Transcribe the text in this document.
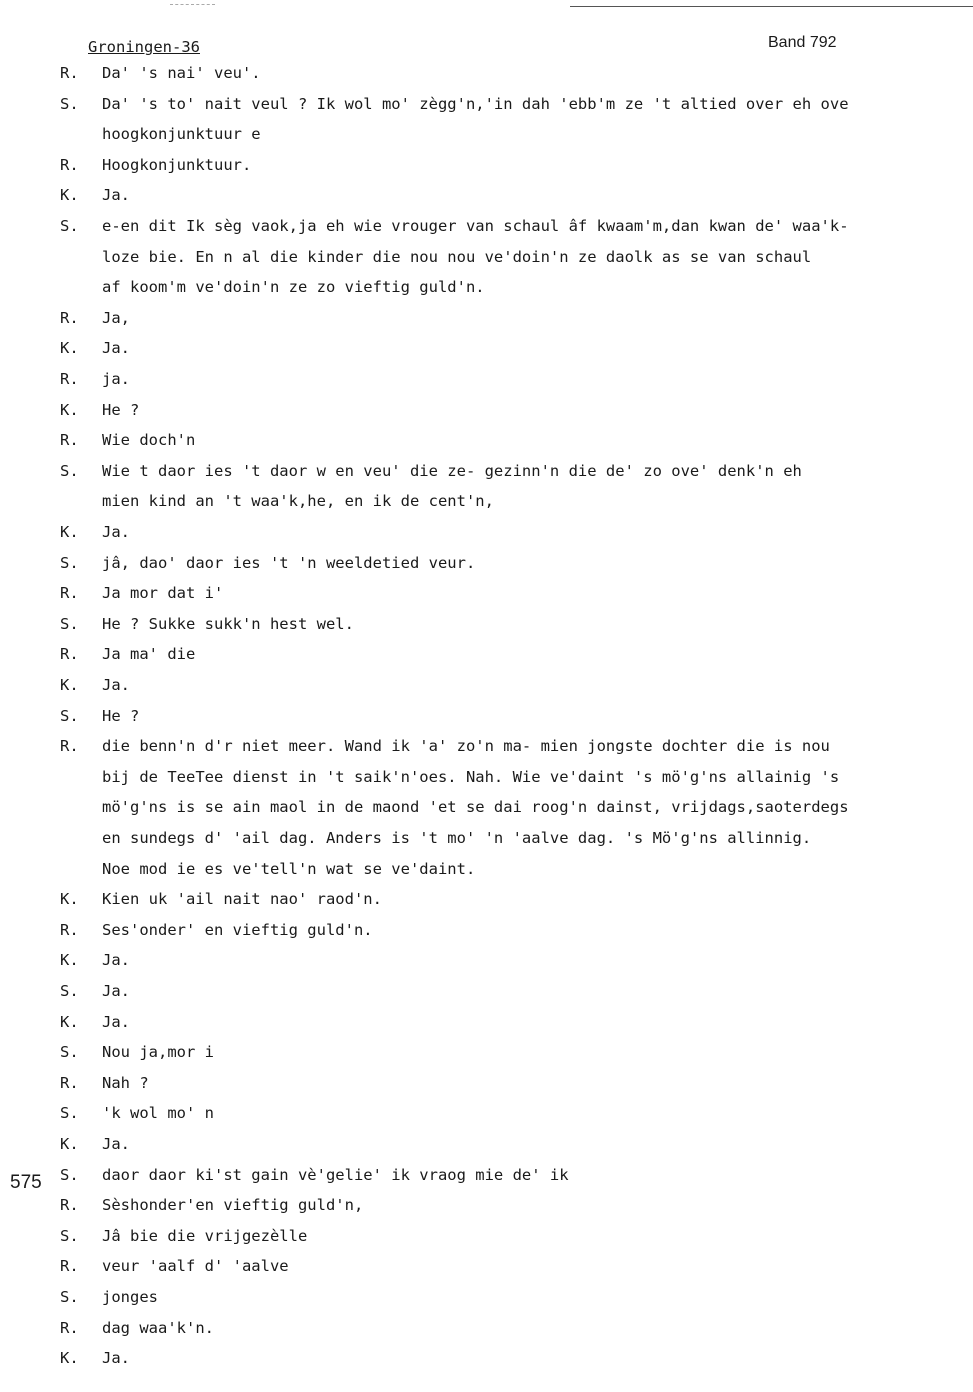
Groningen-36	Band 792
R. Da' 's nai' veu'.
S. Da' 's to' nait veul ? Ik wol mo' zègg'n,'in dah 'ebb'm ze 't altied over eh ove
hoogkonjunktuur e
R. Hoogkonjunktuur.
K. Ja.
S. e-en dit Ik sèg vaok,ja eh wie vrouger van schaul âf kwaam'm,dan kwan de' waa'k-
loze bie. En n al die kinder die nou nou ve'doin'n ze daolk as se van schaul
af koom'm ve'doin'n ze zo vieftig guld'n.
R. Ja,
K. Ja.
R. ja.
K. He ?
R. Wie doch'n
S. Wie t daor ies 't daor w en veu' die ze- gezinn'n die de' zo ove' denk'n eh
mien kind an 't waa'k,he, en ik de cent'n,
K. Ja.
S. jâ, dao' daor ies 't 'n weeldetied veur.
R. Ja mor dat i'
S. He ? Sukke sukk'n hest wel.
R. Ja ma' die
K. Ja.
S. He ?
R. die benn'n d'r niet meer. Wand ik 'a' zo'n ma- mien jongste dochter die is nou
bij de TeeTee dienst in 't saik'n'oes. Nah. Wie ve'daint 's mö'g'ns allainig 's
mö'g'ns is se ain maol in de maond 'et se dai roog'n dainst, vrijdags,saoterdegs
en sundegs d' 'ail dag. Anders is 't mo' 'n 'aalve dag. 's Mö'g'ns allinnig.
Noe mod ie es ve'tell'n wat se ve'daint.
K. Kien uk 'ail nait nao' raod'n.
R. Ses'onder' en vieftig guld'n.
K. Ja.
S. Ja.
K. Ja.
S. Nou ja,mor i
R. Nah ?
S. 'k wol mo' n
K. Ja.
S. daor daor ki'st gain vè'gelie' ik vraog mie de' ik
R. Sèshonder'en vieftig guld'n,
S. Jâ bie die vrijgezèlle
R. veur 'aalf d' 'aalve
S. jonges
R. dag waa'k'n.
K. Ja.
575
